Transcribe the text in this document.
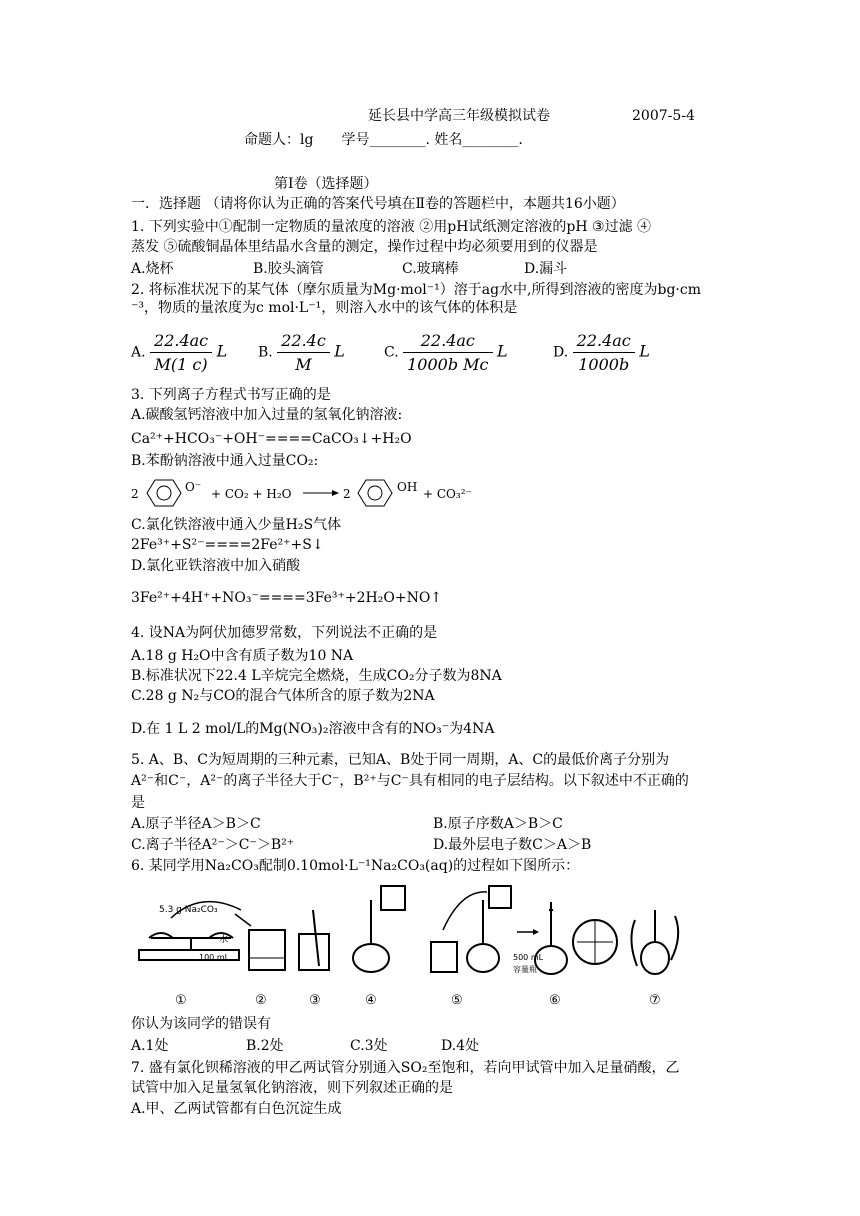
延长县中学高三年级模拟试卷	2007-5-4
命题人：lg　　学号________. 姓名________.
第Ⅰ卷（选择题）
一．选择题 （请将你认为正确的答案代号填在Ⅱ卷的答题栏中，本题共16小题）
1. 下列实验中①配制一定物质的量浓度的溶液 ②用pH试纸测定溶液的pH ③过滤 ④
蒸发 ⑤硫酸铜晶体里结晶水含量的测定，操作过程中均必须要用到的仪器是
A.烧杯	B.胶头滴管	C.玻璃棒	D.漏斗
2. 将标准状况下的某气体（摩尔质量为Mg·mol⁻¹）溶于ag水中,所得到溶液的密度为bg·cm
⁻³，物质的量浓度为c mol·L⁻¹，则溶入水中的该气体的体积是
A. $\frac{22.4ac}{M(1 c)}$ L B. $\frac{22.4c}{M}$ L	C. $\frac{22.4ac}{\text{1000b Mc}}$ L	D. $\frac{22.4ac}{1000b}$ L
3. 下列离子方程式书写正确的是
A.碳酸氢钙溶液中加入过量的氢氧化钠溶液:
Ca²⁺+HCO₃⁻+OH⁻====CaCO₃↓+H₂O
B.苯酚钠溶液中通入过量CO₂:
2	O⁻ + CO₂ + H₂O → 2	OH + CO₃²⁻
C.氯化铁溶液中通入少量H₂S气体
2Fe³⁺+S²⁻====2Fe²⁺+S↓
D.氯化亚铁溶液中加入硝酸
3Fe²⁺+4H⁺+NO₃⁻====3Fe³⁺+2H₂O+NO↑
4. 设NA为阿伏加德罗常数，下列说法不正确的是
A.18 g H₂O中含有质子数为10 NA
B.标准状况下22.4 L辛烷完全燃烧，生成CO₂分子数为8NA
C.28 g N₂与CO的混合气体所含的原子数为2NA
D.在 1 L 2 mol/L的Mg(NO₃)₂溶液中含有的NO₃⁻为4NA
5. A、B、C为短周期的三种元素，已知A、B处于同一周期，A、C的最低价离子分别为
A²⁻和C⁻，A²⁻的离子半径大于C⁻，B²⁺与C⁻具有相同的电子层结构。以下叙述中不正确的
是
A.原子半径A＞B＞C	B.原子序数A＞B＞C
C.离子半径A²⁻＞C⁻＞B²⁺	D.最外层电子数C＞A＞B
6. 某同学用Na₂CO₃配制0.10mol·L⁻¹Na₂CO₃(aq)的过程如下图所示：
5.3 g Na₂CO₃
水
100 mL	500 mL
容量瓶
①	②	③	④	⑤	⑥	⑦
你认为该同学的错误有
A.1处	B.2处	C.3处	D.4处
7. 盛有氯化钡稀溶液的甲乙两试管分别通入SO₂至饱和，若向甲试管中加入足量硝酸，乙
试管中加入足量氢氧化钠溶液，则下列叙述正确的是
A.甲、乙两试管都有白色沉淀生成
